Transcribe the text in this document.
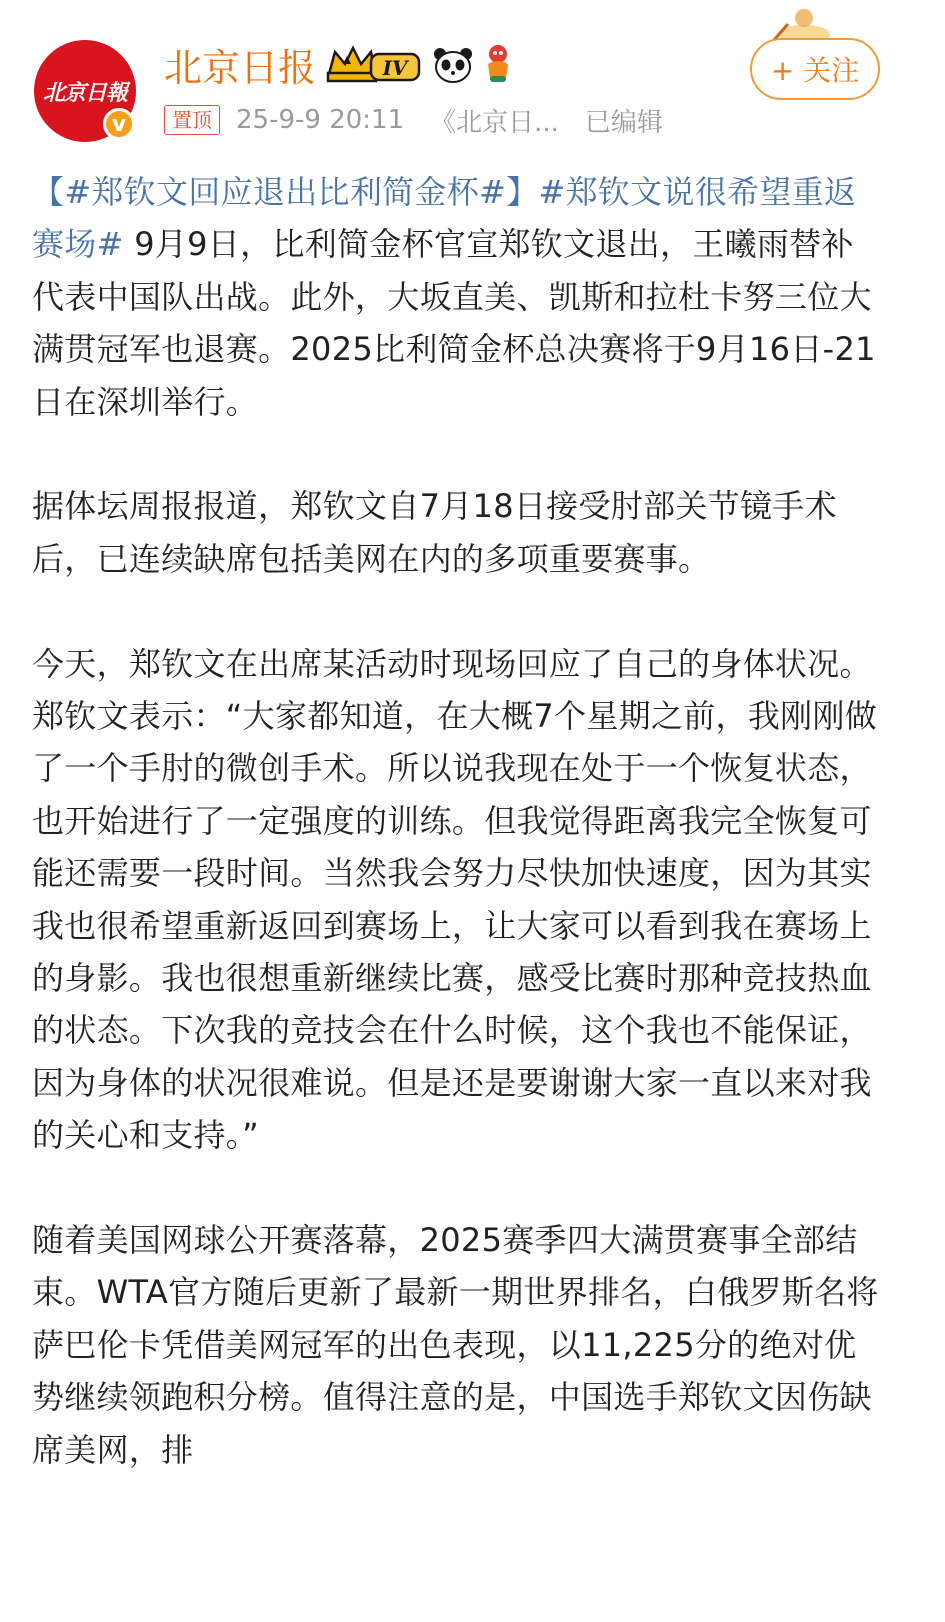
北京日報
v
北京日报	IV	+ 关注
置顶 25-9-9 20:11 《北京日... 已编辑

【#郑钦文回应退出比利简金杯#】#郑钦文说很希望重返赛场# 9月9日，比利简金杯官宣郑钦文退出，王曦雨替补代表中国队出战。此外，大坂直美、凯斯和拉杜卡努三位大满贯冠军也退赛。2025比利简金杯总决赛将于9月16日-21日在深圳举行。

据体坛周报报道，郑钦文自7月18日接受肘部关节镜手术后，已连续缺席包括美网在内的多项重要赛事。

今天，郑钦文在出席某活动时现场回应了自己的身体状况。郑钦文表示：“大家都知道，在大概7个星期之前，我刚刚做了一个手肘的微创手术。所以说我现在处于一个恢复状态，也开始进行了一定强度的训练。但我觉得距离我完全恢复可能还需要一段时间。当然我会努力尽快加快速度，因为其实我也很希望重新返回到赛场上，让大家可以看到我在赛场上的身影。我也很想重新继续比赛，感受比赛时那种竞技热血的状态。下次我的竞技会在什么时候，这个我也不能保证，因为身体的状况很难说。但是还是要谢谢大家一直以来对我的关心和支持。”

随着美国网球公开赛落幕，2025赛季四大满贯赛事全部结束。WTA官方随后更新了最新一期世界排名，白俄罗斯名将萨巴伦卡凭借美网冠军的出色表现，以11,225分的绝对优势继续领跑积分榜。值得注意的是，中国选手郑钦文因伤缺席美网，排
